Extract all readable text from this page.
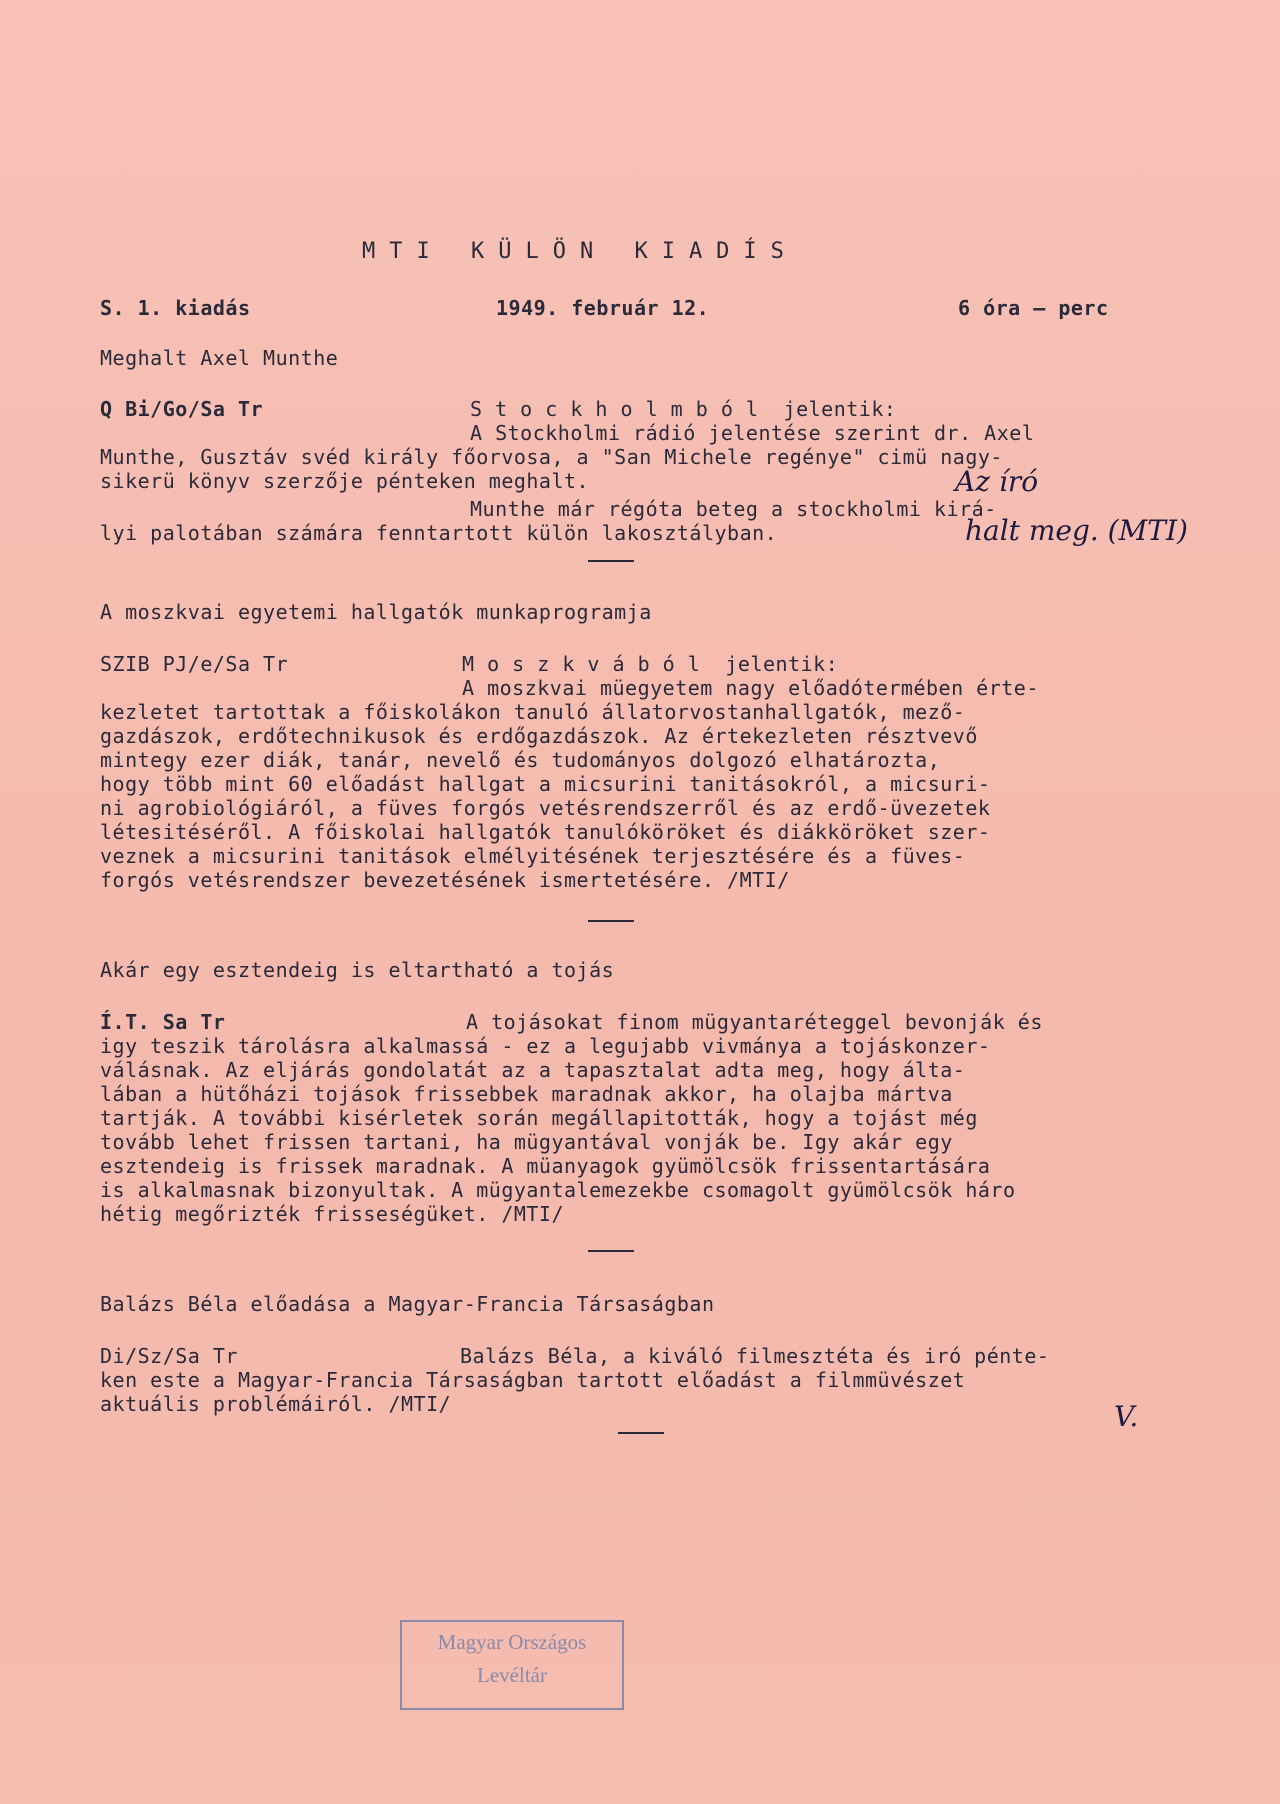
MTI KÜLÖN KIADÍS
S. 1. kiadás	1949. február 12.	6 óra — perc
Meghalt Axel Munthe
Q Bi/Go/Sa Tr	S t o c k h o l m b ó l  jelentik:
A Stockholmi rádió jelentése szerint dr. Axel
Munthe, Gusztáv svéd király főorvosa, a "San Michele regénye" cimü nagy-
sikerü könyv szerzője pénteken meghalt.
Munthe már régóta beteg a stockholmi kirá-
lyi palotában számára fenntartott külön lakosztályban.
Az író
halt meg. (MTI)
A moszkvai egyetemi hallgatók munkaprogramja
SZIB PJ/e/Sa Tr	M o s z k v á b ó l  jelentik:
A moszkvai müegyetem nagy előadótermében érte-
kezletet tartottak a főiskolákon tanuló állatorvostanhallgatók, mező-
gazdászok, erdőtechnikusok és erdőgazdászok. Az értekezleten résztvevő
mintegy ezer diák, tanár, nevelő és tudományos dolgozó elhatározta,
hogy több mint 60 előadást hallgat a micsurini tanitásokról, a micsuri-
ni agrobiológiáról, a füves forgós vetésrendszerről és az erdő-üvezetek
létesitéséről. A főiskolai hallgatók tanulóköröket és diákköröket szer-
veznek a micsurini tanitások elmélyitésének terjesztésére és a füves-
forgós vetésrendszer bevezetésének ismertetésére. /MTI/
Akár egy esztendeig is eltartható a tojás
Í.T. Sa Tr	A tojásokat finom mügyantaréteggel bevonják és
igy teszik tárolásra alkalmassá - ez a legujabb vivmánya a tojáskonzer-
válásnak. Az eljárás gondolatát az a tapasztalat adta meg, hogy álta-
lában a hütőházi tojások frissebbek maradnak akkor, ha olajba mártva
tartják. A további kisérletek során megállapitották, hogy a tojást még
tovább lehet frissen tartani, ha mügyantával vonják be. Igy akár egy
esztendeig is frissek maradnak. A müanyagok gyümölcsök frissentartására
is alkalmasnak bizonyultak. A mügyantalemezekbe csomagolt gyümölcsök háro
hétig megőrizték frisseségüket. /MTI/
Balázs Béla előadása a Magyar-Francia Társaságban
Di/Sz/Sa Tr	Balázs Béla, a kiváló filmesztéta és iró pénte-
ken este a Magyar-Francia Társaságban tartott előadást a filmmüvészet
aktuális problémáiról. /MTI/	V.
Magyar Országos
Levéltár
